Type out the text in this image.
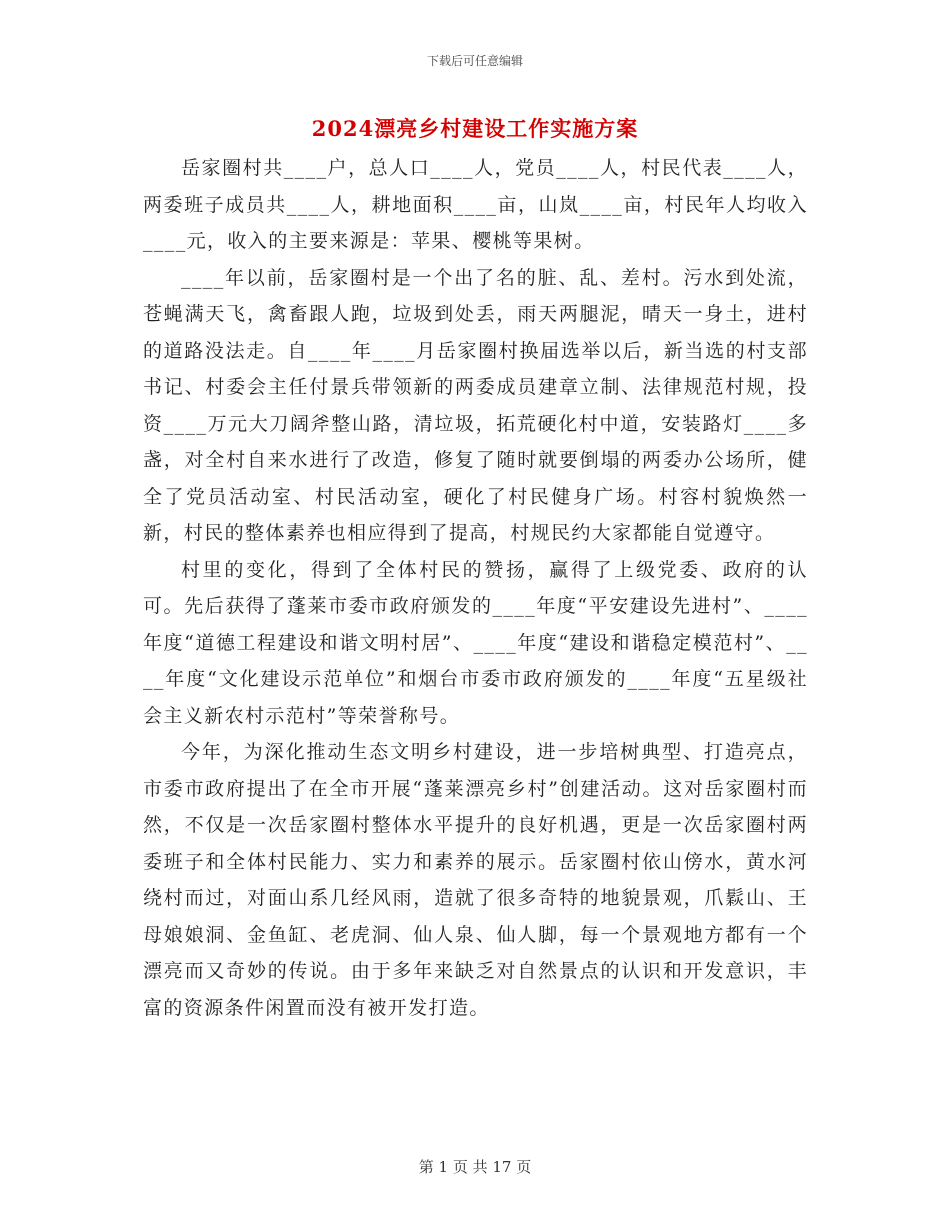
下载后可任意编辑
2024漂亮乡村建设工作实施方案

岳家圈村共____户，总人口____人，党员____人，村民代表____人，两委班子成员共____人，耕地面积____亩，山岚____亩，村民年人均收入____元，收入的主要来源是：苹果、樱桃等果树。

____年以前，岳家圈村是一个出了名的脏、乱、差村。污水到处流，苍蝇满天飞，禽畜跟人跑，垃圾到处丢，雨天两腿泥，晴天一身土，进村的道路没法走。自____年____月岳家圈村换届选举以后，新当选的村支部书记、村委会主任付景兵带领新的两委成员建章立制、法律规范村规，投资____万元大刀阔斧整山路，清垃圾，拓荒硬化村中道，安装路灯____多盏，对全村自来水进行了改造，修复了随时就要倒塌的两委办公场所，健全了党员活动室、村民活动室，硬化了村民健身广场。村容村貌焕然一新，村民的整体素养也相应得到了提高，村规民约大家都能自觉遵守。

村里的变化，得到了全体村民的赞扬，赢得了上级党委、政府的认可。先后获得了蓬莱市委市政府颁发的____年度“平安建设先进村”、____年度“道德工程建设和谐文明村居”、____年度“建设和谐稳定模范村”、____年度“文化建设示范单位”和烟台市委市政府颁发的____年度“五星级社会主义新农村示范村”等荣誉称号。

今年，为深化推动生态文明乡村建设，进一步培树典型、打造亮点，市委市政府提出了在全市开展“蓬莱漂亮乡村”创建活动。这对岳家圈村而然，不仅是一次岳家圈村整体水平提升的良好机遇，更是一次岳家圈村两委班子和全体村民能力、实力和素养的展示。岳家圈村依山傍水，黄水河绕村而过，对面山系几经风雨，造就了很多奇特的地貌景观，爪鬏山、王母娘娘洞、金鱼缸、老虎洞、仙人泉、仙人脚，每一个景观地方都有一个漂亮而又奇妙的传说。由于多年来缺乏对自然景点的认识和开发意识，丰富的资源条件闲置而没有被开发打造。

第 1 页 共 17 页
